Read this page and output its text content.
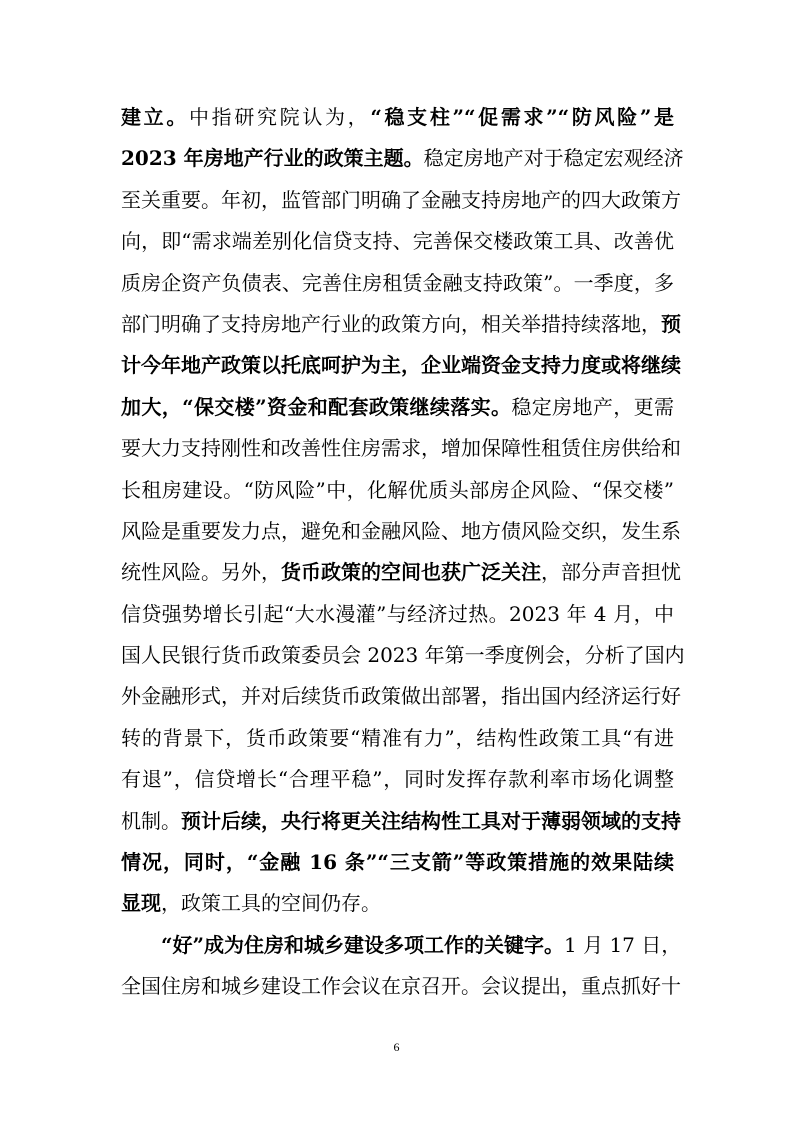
建立。中指研究院认为，“稳支柱”“促需求”“防风险”是
2023 年房地产行业的政策主题。稳定房地产对于稳定宏观经济
至关重要。年初，监管部门明确了金融支持房地产的四大政策方
向，即“需求端差别化信贷支持、完善保交楼政策工具、改善优
质房企资产负债表、完善住房租赁金融支持政策”。一季度，多
部门明确了支持房地产行业的政策方向，相关举措持续落地，预
计今年地产政策以托底呵护为主，企业端资金支持力度或将继续
加大，“保交楼”资金和配套政策继续落实。稳定房地产，更需
要大力支持刚性和改善性住房需求，增加保障性租赁住房供给和
长租房建设。“防风险”中，化解优质头部房企风险、“保交楼”
风险是重要发力点，避免和金融风险、地方债风险交织，发生系
统性风险。另外，货币政策的空间也获广泛关注，部分声音担忧
信贷强势增长引起“大水漫灌”与经济过热。2023 年 4 月，中
国人民银行货币政策委员会 2023 年第一季度例会，分析了国内
外金融形式，并对后续货币政策做出部署，指出国内经济运行好
转的背景下，货币政策要“精准有力”，结构性政策工具“有进
有退”，信贷增长“合理平稳”，同时发挥存款利率市场化调整
机制。预计后续，央行将更关注结构性工具对于薄弱领域的支持
情况，同时，“金融 16 条”“三支箭”等政策措施的效果陆续
显现，政策工具的空间仍存。
“好”成为住房和城乡建设多项工作的关键字。1 月 17 日，
全国住房和城乡建设工作会议在京召开。会议提出，重点抓好十
6
